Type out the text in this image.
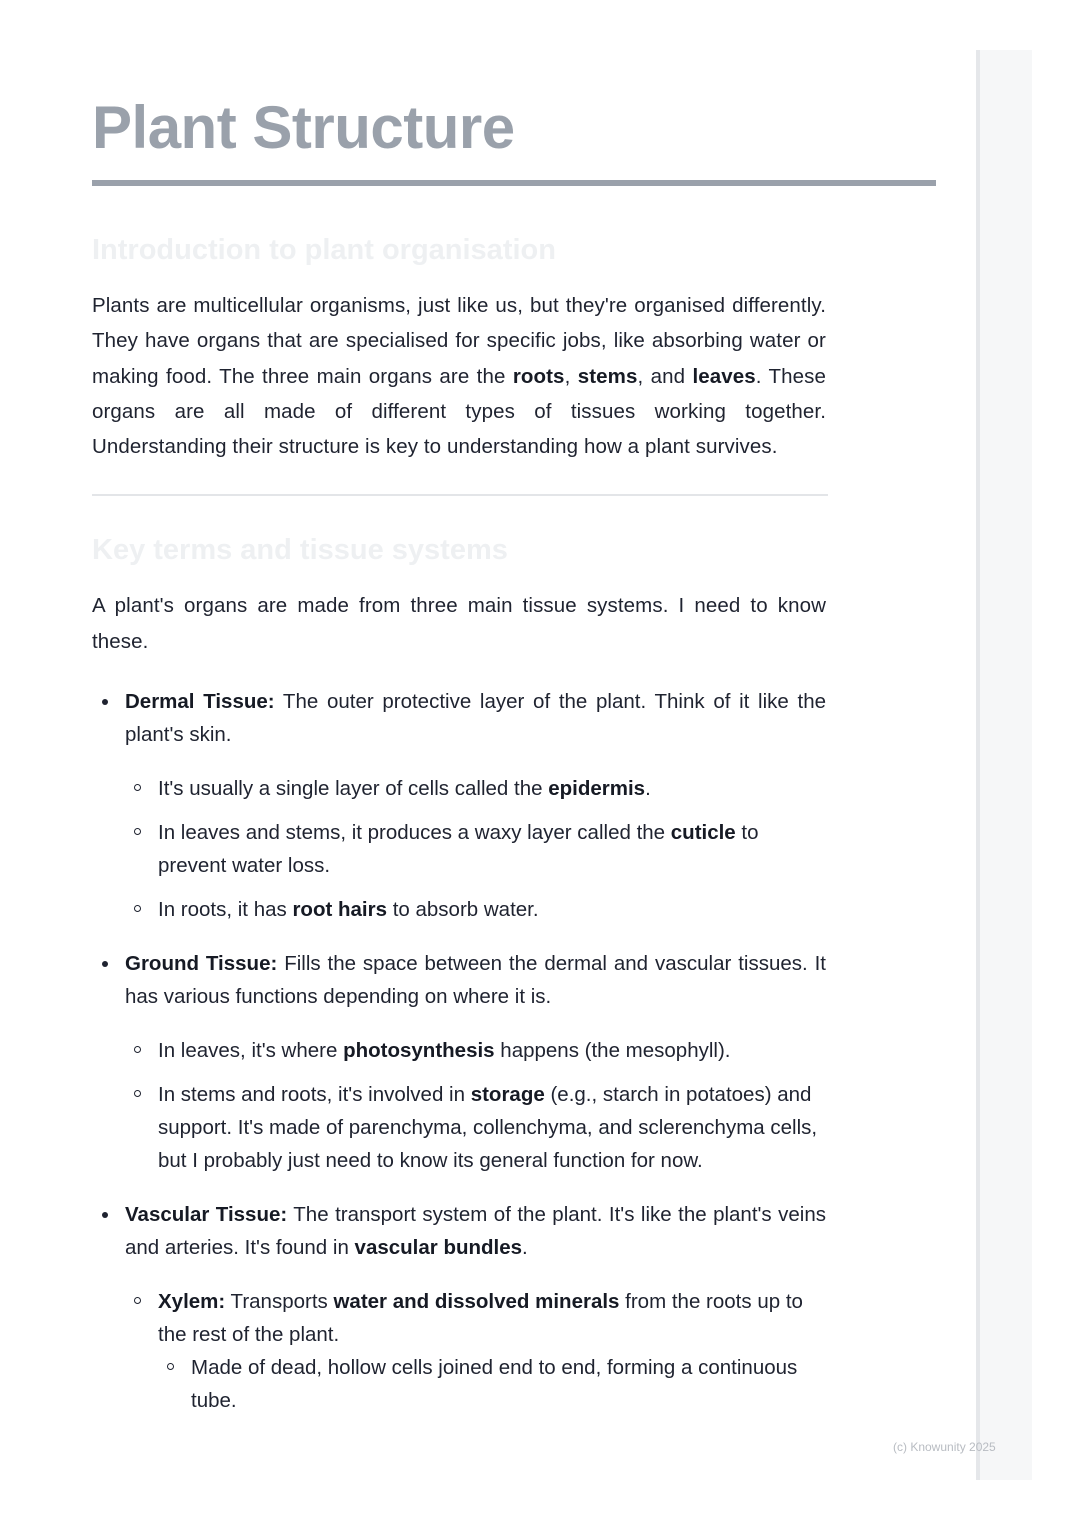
Plant Structure
Introduction to plant organisation

Plants are multicellular organisms, just like us, but they're organised differently. They have organs that are specialised for specific jobs, like absorbing water or making food. The three main organs are the roots, stems, and leaves. These organs are all made of different types of tissues working together. Understanding their structure is key to understanding how a plant survives.

Key terms and tissue systems

A plant's organs are made from three main tissue systems. I need to know these.

Dermal Tissue: The outer protective layer of the plant. Think of it like the plant's skin.
It's usually a single layer of cells called the epidermis.
In leaves and stems, it produces a waxy layer called the cuticle to prevent water loss.
In roots, it has root hairs to absorb water.
Ground Tissue: Fills the space between the dermal and vascular tissues. It has various functions depending on where it is.
In leaves, it's where photosynthesis happens (the mesophyll).
In stems and roots, it's involved in storage (e.g., starch in potatoes) and support. It's made of parenchyma, collenchyma, and sclerenchyma cells, but I probably just need to know its general function for now.
Vascular Tissue: The transport system of the plant. It's like the plant's veins and arteries. It's found in vascular bundles.
Xylem: Transports water and dissolved minerals from the roots up to the rest of the plant.
Made of dead, hollow cells joined end to end, forming a continuous tube.
(c) Knowunity 2025
